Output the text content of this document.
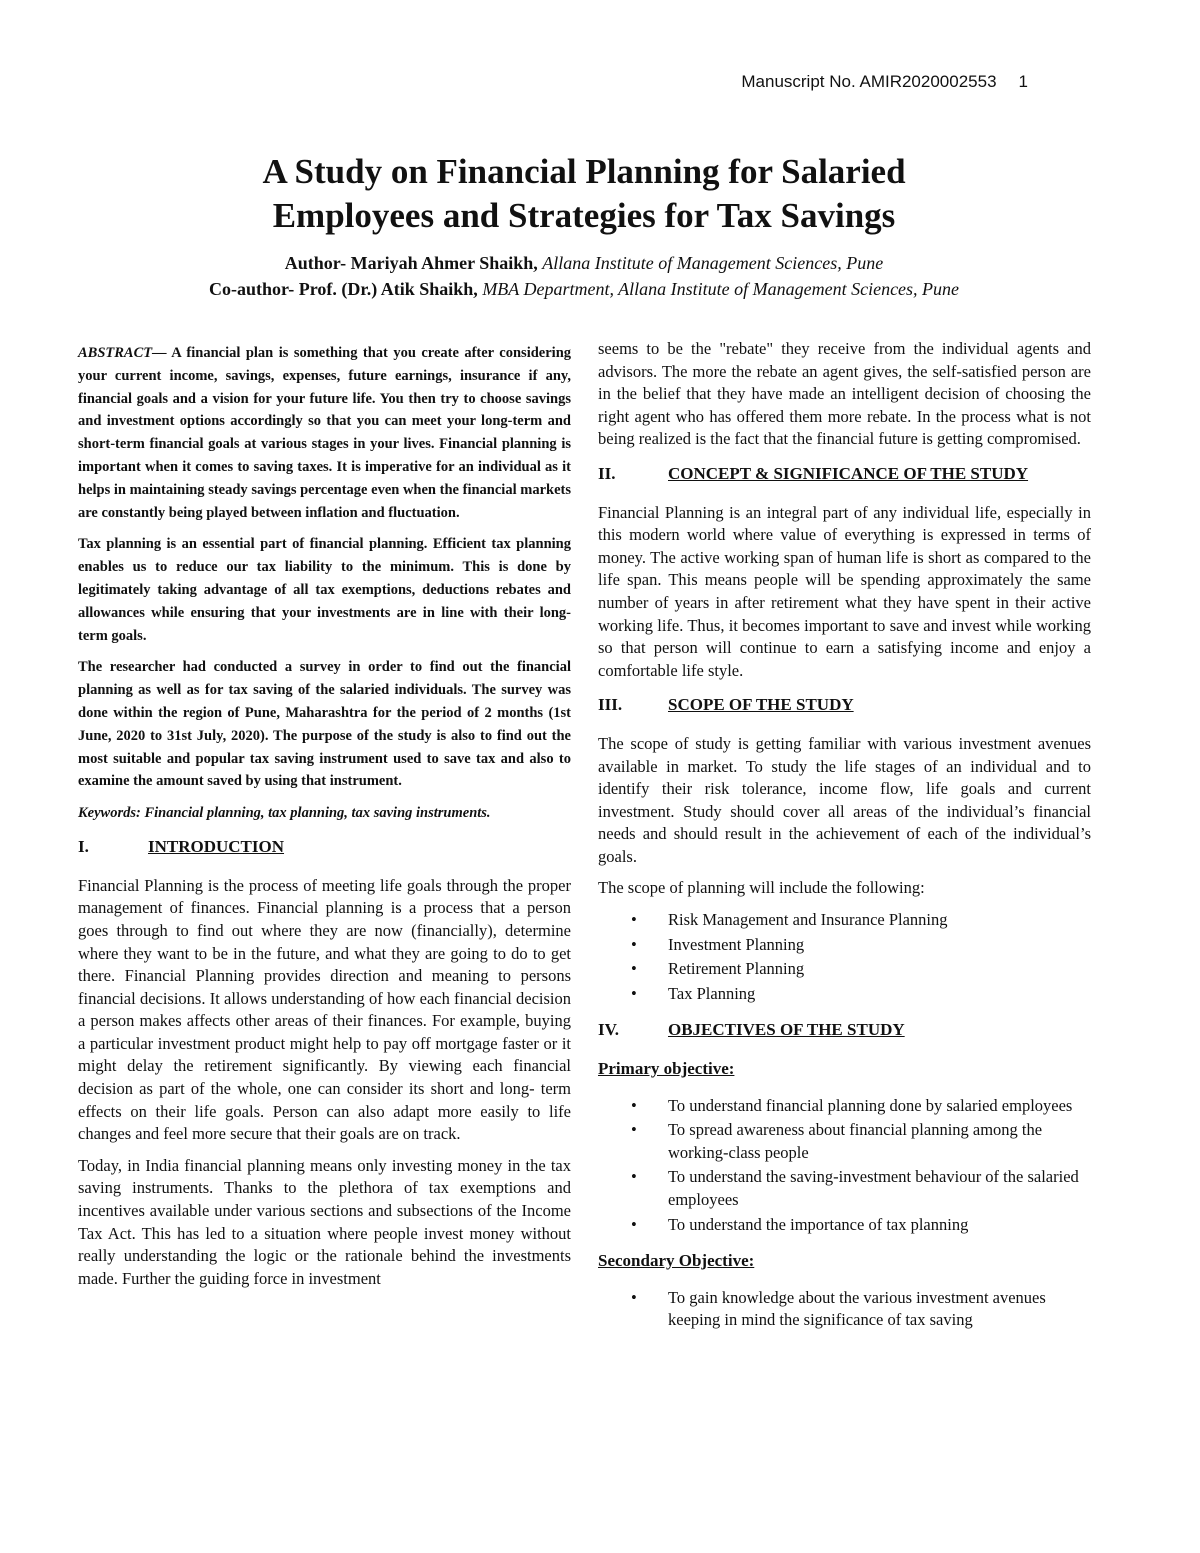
Manuscript No. AMIR2020002553 1
A Study on Financial Planning for Salaried
Employees and Strategies for Tax Savings
Author- Mariyah Ahmer Shaikh, Allana Institute of Management Sciences, Pune
Co-author- Prof. (Dr.) Atik Shaikh, MBA Department, Allana Institute of Management Sciences, Pune

ABSTRACT— A financial plan is something that you create after considering your current income, savings, expenses, future earnings, insurance if any, financial goals and a vision for your future life. You then try to choose savings and investment options accordingly so that you can meet your long-term and short-term financial goals at various stages in your lives. Financial planning is important when it comes to saving taxes. It is imperative for an individual as it helps in maintaining steady savings percentage even when the financial markets are constantly being played between inflation and fluctuation.

Tax planning is an essential part of financial planning. Efficient tax planning enables us to reduce our tax liability to the minimum. This is done by legitimately taking advantage of all tax exemptions, deductions rebates and allowances while ensuring that your investments are in line with their long-term goals.

The researcher had conducted a survey in order to find out the financial planning as well as for tax saving of the salaried individuals. The survey was done within the region of Pune, Maharashtra for the period of 2 months (1st June, 2020 to 31st July, 2020). The purpose of the study is also to find out the most suitable and popular tax saving instrument used to save tax and also to examine the amount saved by using that instrument.

Keywords: Financial planning, tax planning, tax saving instruments.

I.	INTRODUCTION

Financial Planning is the process of meeting life goals through the proper management of finances. Financial planning is a process that a person goes through to find out where they are now (financially), determine where they want to be in the future, and what they are going to do to get there. Financial Planning provides direction and meaning to persons financial decisions. It allows understanding of how each financial decision a person makes affects other areas of their finances. For example, buying a particular investment product might help to pay off mortgage faster or it might delay the retirement significantly. By viewing each financial decision as part of the whole, one can consider its short and long- term effects on their life goals. Person can also adapt more easily to life changes and feel more secure that their goals are on track.

Today, in India financial planning means only investing money in the tax saving instruments. Thanks to the plethora of tax exemptions and incentives available under various sections and subsections of the Income Tax Act. This has led to a situation where people invest money without really understanding the logic or the rationale behind the investments made. Further the guiding force in investment

seems to be the "rebate" they receive from the individual agents and advisors. The more the rebate an agent gives, the self-satisfied person are in the belief that they have made an intelligent decision of choosing the right agent who has offered them more rebate. In the process what is not being realized is the fact that the financial future is getting compromised.

II.	CONCEPT & SIGNIFICANCE OF THE STUDY

Financial Planning is an integral part of any individual life, especially in this modern world where value of everything is expressed in terms of money. The active working span of human life is short as compared to the life span. This means people will be spending approximately the same number of years in after retirement what they have spent in their active working life. Thus, it becomes important to save and invest while working so that person will continue to earn a satisfying income and enjoy a comfortable life style.

III.	SCOPE OF THE STUDY

The scope of study is getting familiar with various investment avenues available in market. To study the life stages of an individual and to identify their risk tolerance, income flow, life goals and current investment. Study should cover all areas of the individual’s financial needs and should result in the achievement of each of the individual’s goals.

The scope of planning will include the following:

• Risk Management and Insurance Planning
• Investment Planning
• Retirement Planning
• Tax Planning
IV.	OBJECTIVES OF THE STUDY
Primary objective:
• To understand financial planning done by salaried employees
• To spread awareness about financial planning among the working-class people
• To understand the saving-investment behaviour of the salaried employees
• To understand the importance of tax planning
Secondary Objective:
• To gain knowledge about the various investment avenues keeping in mind the significance of tax saving
